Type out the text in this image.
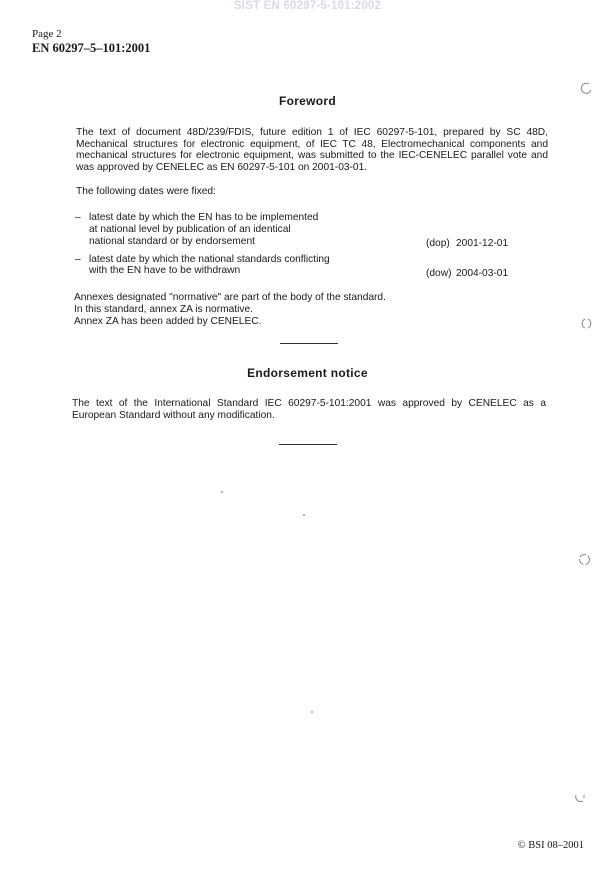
SIST EN 60297-5-101:2002
Page 2
EN 60297–5–101:2001
Foreword

The text of document 48D/239/FDIS, future edition 1 of IEC 60297-5-101, prepared by SC 48D, Mechanical structures for electronic equipment, of IEC TC 48, Electromechanical components and mechanical structures for electronic equipment, was submitted to the IEC-CENELEC parallel vote and was approved by CENELEC as EN 60297-5-101 on 2001-03-01.

The following dates were fixed:
– latest date by which the EN has to be implemented
at national level by publication of an identical
national standard or by endorsement	(dop) 2001-12-01
– latest date by which the national standards conflicting
with the EN have to be withdrawn	(dow) 2004-03-01
Annexes designated "normative" are part of the body of the standard.
In this standard, annex ZA is normative.
Annex ZA has been added by CENELEC.
Endorsement notice

The text of the International Standard IEC 60297-5-101:2001 was approved by CENELEC as a European Standard without any modification.

© BSI 08–2001
